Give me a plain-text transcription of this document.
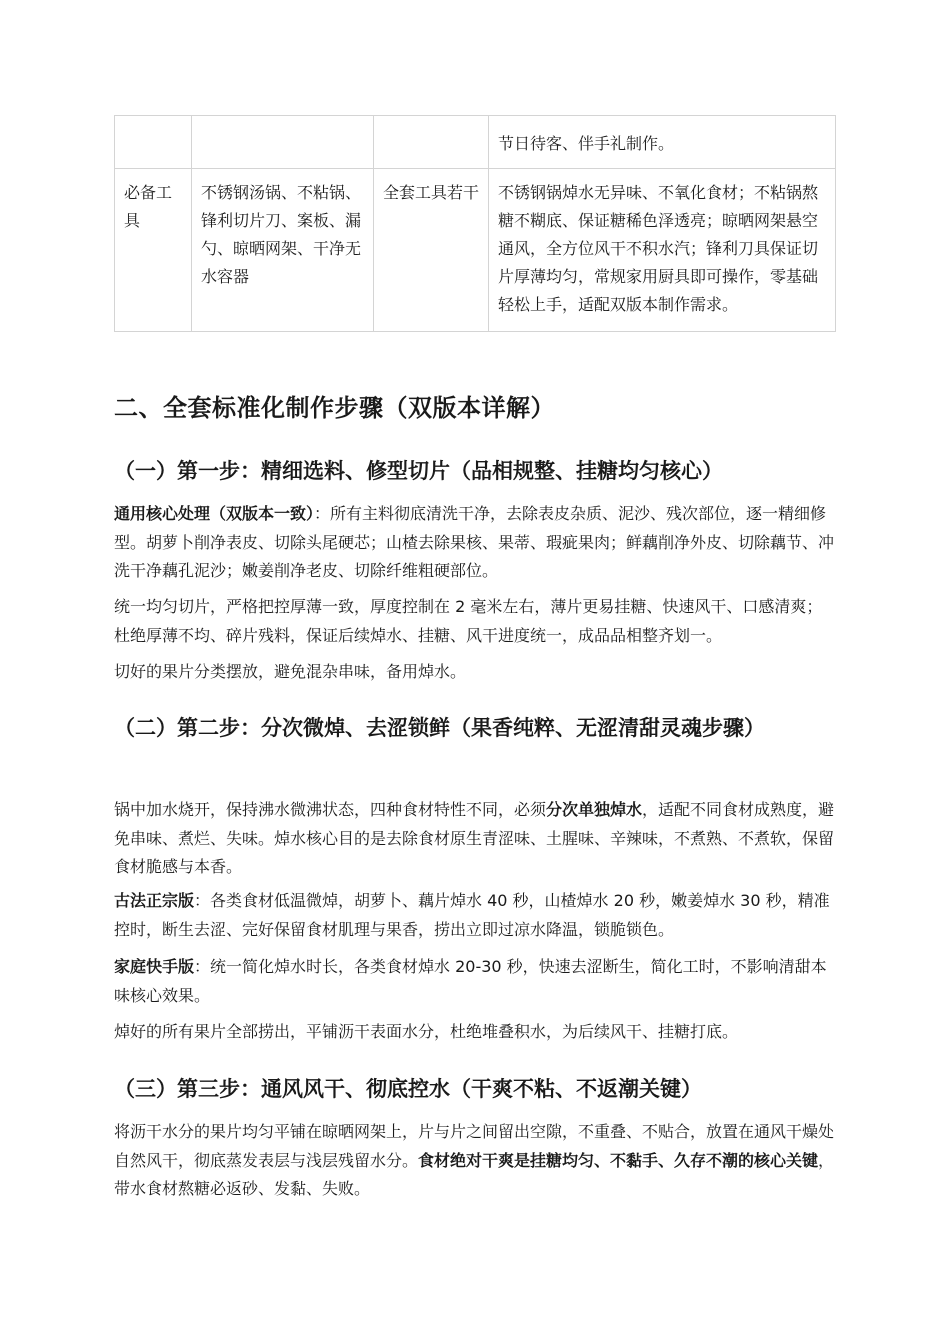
			节日待客、伴手礼制作。
必备工具	不锈钢汤锅、不粘锅、锋利切片刀、案板、漏勺、晾晒网架、干净无水容器	全套工具若干	不锈钢锅焯水无异味、不氧化食材；不粘锅熬糖不糊底、保证糖稀色泽透亮；晾晒网架悬空通风，全方位风干不积水汽；锋利刀具保证切片厚薄均匀，常规家用厨具即可操作，零基础轻松上手，适配双版本制作需求。
二、全套标准化制作步骤（双版本详解）
（一）第一步：精细选料、修型切片（品相规整、挂糖均匀核心）

通用核心处理（双版本一致）：所有主料彻底清洗干净，去除表皮杂质、泥沙、残次部位，逐一精细修型。胡萝卜削净表皮、切除头尾硬芯；山楂去除果核、果蒂、瑕疵果肉；鲜藕削净外皮、切除藕节、冲洗干净藕孔泥沙；嫩姜削净老皮、切除纤维粗硬部位。

统一均匀切片，严格把控厚薄一致，厚度控制在 2 毫米左右，薄片更易挂糖、快速风干、口感清爽；杜绝厚薄不均、碎片残料，保证后续焯水、挂糖、风干进度统一，成品品相整齐划一。

切好的果片分类摆放，避免混杂串味，备用焯水。

（二）第二步：分次微焯、去涩锁鲜（果香纯粹、无涩清甜灵魂步骤）

锅中加水烧开，保持沸水微沸状态，四种食材特性不同，必须分次单独焯水，适配不同食材成熟度，避免串味、煮烂、失味。焯水核心目的是去除食材原生青涩味、土腥味、辛辣味，不煮熟、不煮软，保留食材脆感与本香。

古法正宗版：各类食材低温微焯，胡萝卜、藕片焯水 40 秒，山楂焯水 20 秒，嫩姜焯水 30 秒，精准控时，断生去涩、完好保留食材肌理与果香，捞出立即过凉水降温，锁脆锁色。

家庭快手版：统一简化焯水时长，各类食材焯水 20-30 秒，快速去涩断生，简化工时，不影响清甜本味核心效果。

焯好的所有果片全部捞出，平铺沥干表面水分，杜绝堆叠积水，为后续风干、挂糖打底。

（三）第三步：通风风干、彻底控水（干爽不粘、不返潮关键）

将沥干水分的果片均匀平铺在晾晒网架上，片与片之间留出空隙，不重叠、不贴合，放置在通风干燥处自然风干，彻底蒸发表层与浅层残留水分。食材绝对干爽是挂糖均匀、不黏手、久存不潮的核心关键，带水食材熬糖必返砂、发黏、失败。
